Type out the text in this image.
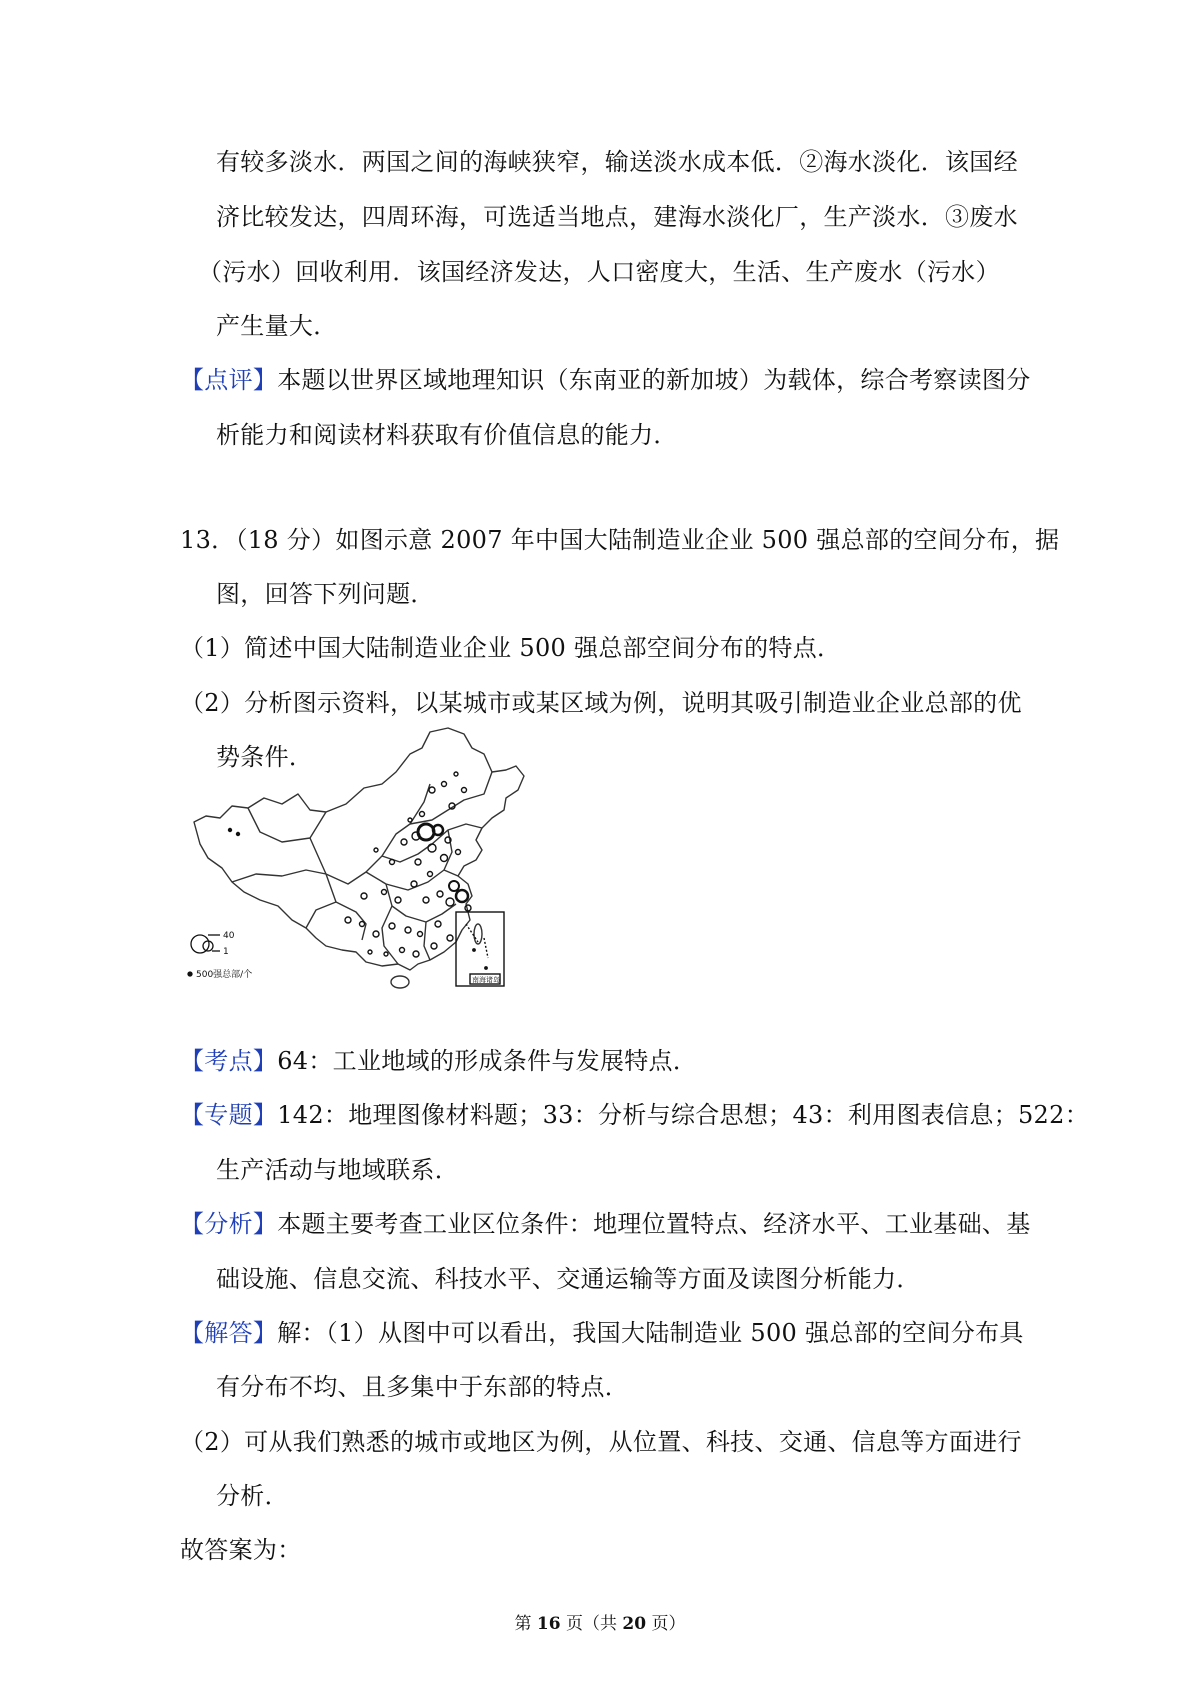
有较多淡水．两国之间的海峡狭窄，输送淡水成本低．②海水淡化．该国经
济比较发达，四周环海，可选适当地点，建海水淡化厂，生产淡水．③废水
（污水）回收利用．该国经济发达，人口密度大，生活、生产废水（污水）
产生量大．
【点评】本题以世界区域地理知识（东南亚的新加坡）为载体，综合考察读图分
析能力和阅读材料获取有价值信息的能力．
13．（18 分）如图示意 2007 年中国大陆制造业企业 500 强总部的空间分布，据
图，回答下列问题．
（1）简述中国大陆制造业企业 500 强总部空间分布的特点．
（2）分析图示资料，以某城市或某区域为例，说明其吸引制造业企业总部的优
势条件．
40
1
500强总部/个	南海诸岛
【考点】64：工业地域的形成条件与发展特点．
【专题】142：地理图像材料题；33：分析与综合思想；43：利用图表信息；522：
生产活动与地域联系．
【分析】本题主要考查工业区位条件：地理位置特点、经济水平、工业基础、基
础设施、信息交流、科技水平、交通运输等方面及读图分析能力．
【解答】解：（1）从图中可以看出，我国大陆制造业 500 强总部的空间分布具
有分布不均、且多集中于东部的特点．
（2）可从我们熟悉的城市或地区为例，从位置、科技、交通、信息等方面进行
分析．
故答案为：
第 16 页（共 20 页）
